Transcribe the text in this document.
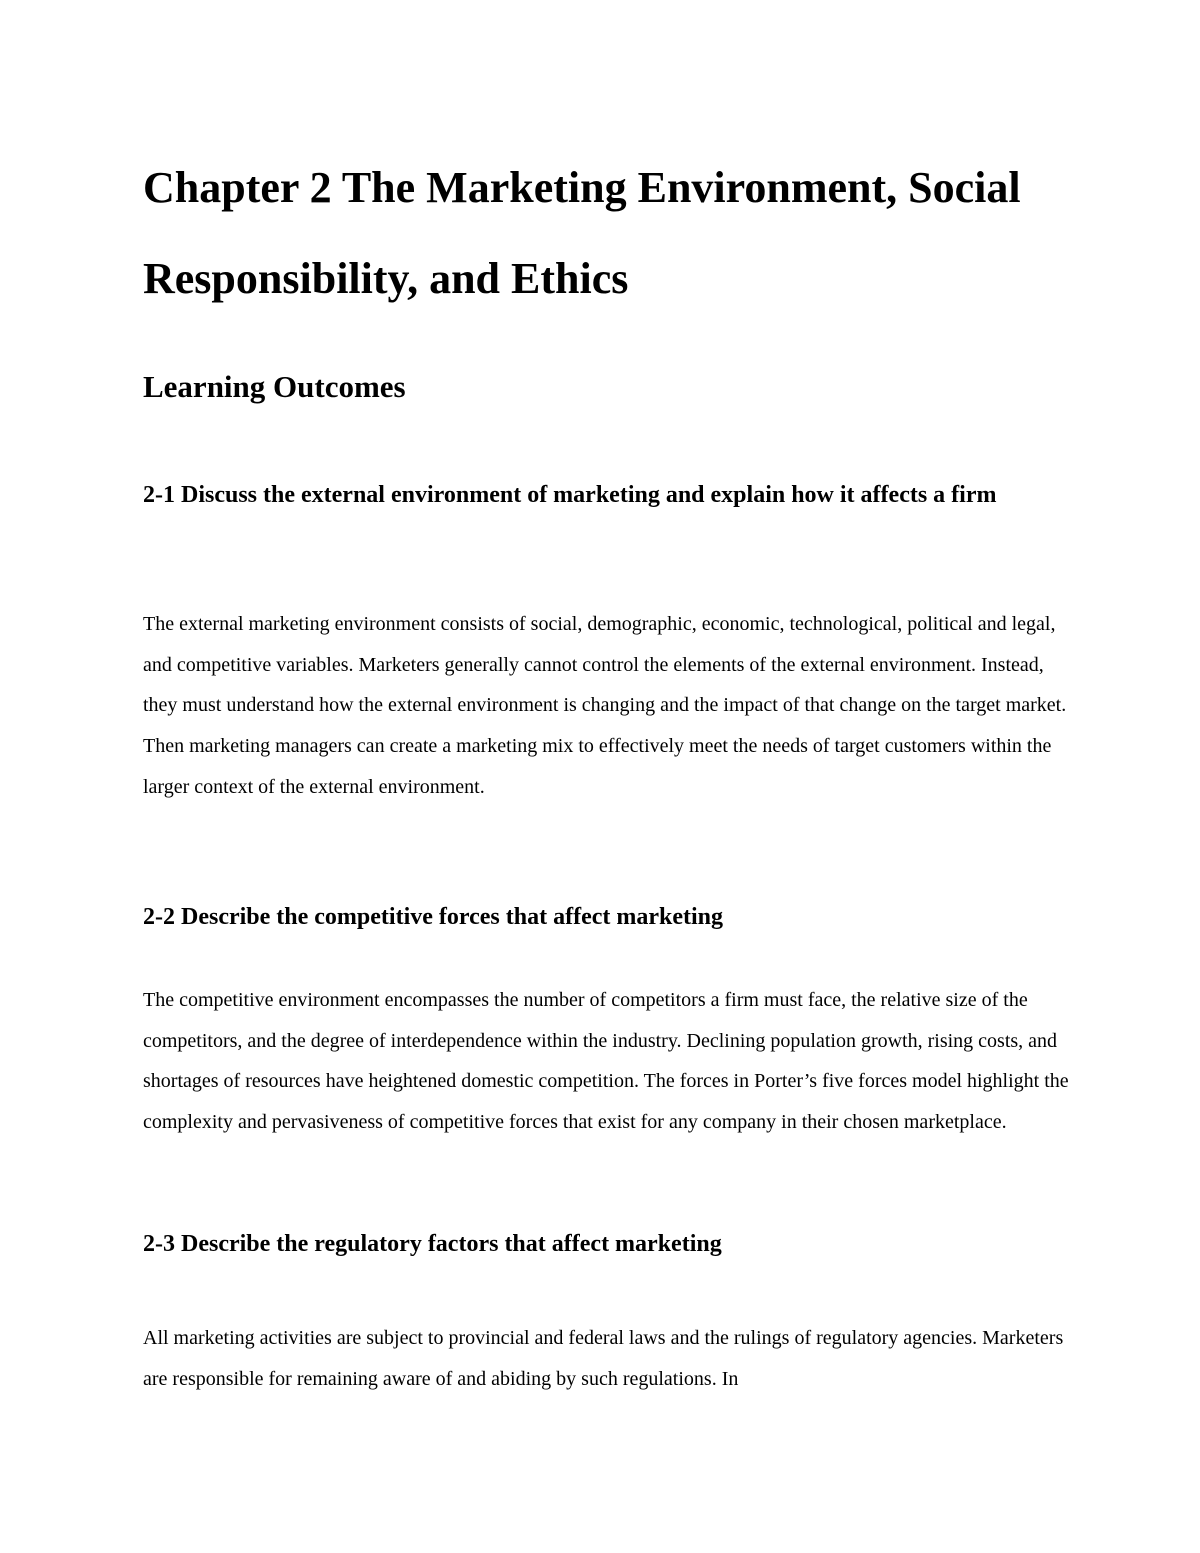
Chapter 2 The Marketing Environment, Social Responsibility, and Ethics
Learning Outcomes
2-1 Discuss the external environment of marketing and explain how it affects a firm

The external marketing environment consists of social, demographic, economic, technological, political and legal, and competitive variables. Marketers generally cannot control the elements of the external environment. Instead, they must understand how the external environment is changing and the impact of that change on the target market. Then marketing managers can create a marketing mix to effectively meet the needs of target customers within the larger context of the external environment.

2-2 Describe the competitive forces that affect marketing

The competitive environment encompasses the number of competitors a firm must face, the relative size of the competitors, and the degree of interdependence within the industry. Declining population growth, rising costs, and shortages of resources have heightened domestic competition. The forces in Porter’s five forces model highlight the complexity and pervasiveness of competitive forces that exist for any company in their chosen marketplace.

2-3 Describe the regulatory factors that affect marketing

All marketing activities are subject to provincial and federal laws and the rulings of regulatory agencies. Marketers are responsible for remaining aware of and abiding by such regulations. In
